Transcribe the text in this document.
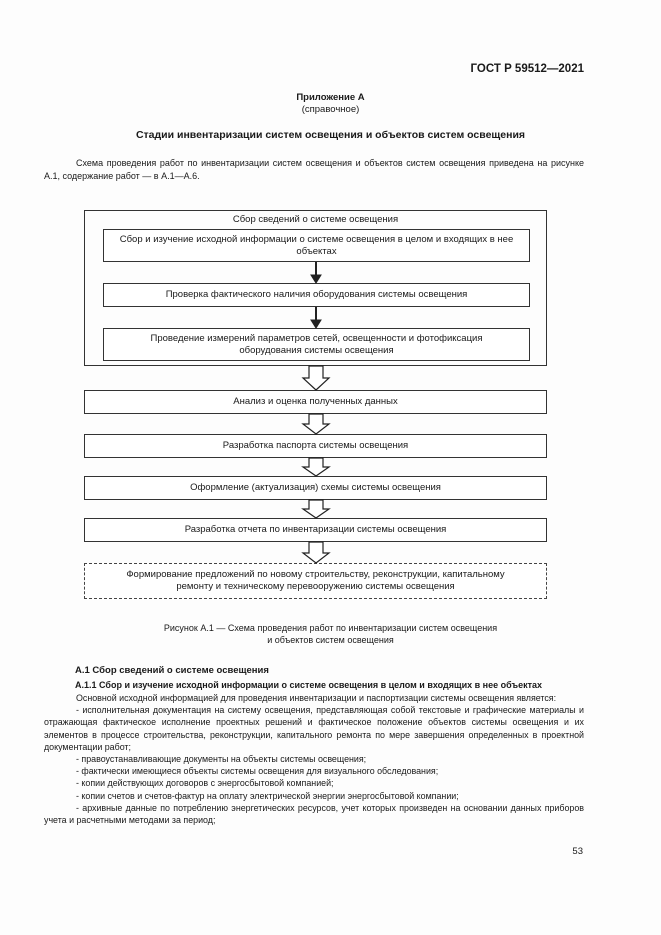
ГОСТ Р 59512—2021
Приложение А
(справочное)
Стадии инвентаризации систем освещения и объектов систем освещения
Схема проведения работ по инвентаризации систем освещения и объектов систем освещения приведена на рисунке А.1, содержание работ — в А.1—А.6.
Сбор сведений о системе освещения
Сбор и изучение исходной информации о системе освещения в целом и входящих в нее объектах
Проверка фактического наличия оборудования системы освещения
Проведение измерений параметров сетей, освещенности и фотофиксация оборудования системы освещения
Анализ и оценка полученных данных
Разработка паспорта системы освещения
Оформление (актуализация) схемы системы освещения
Разработка отчета по инвентаризации системы освещения
Формирование предложений по новому строительству, реконструкции, капитальному ремонту и техническому перевооружению системы освещения
Рисунок А.1 — Схема проведения работ по инвентаризации систем освещения
и объектов систем освещения
А.1 Сбор сведений о системе освещения
А.1.1 Сбор и изучение исходной информации о системе освещения в целом и входящих в нее объектах

Основной исходной информацией для проведения инвентаризации и паспортизации системы освещения является:

- исполнительная документация на систему освещения, представляющая собой текстовые и графические материалы и отражающая фактическое исполнение проектных решений и фактическое положение объектов системы освещения и их элементов в процессе строительства, реконструкции, капитального ремонта по мере завершения определенных в проектной документации работ;

- правоустанавливающие документы на объекты системы освещения;

- фактически имеющиеся объекты системы освещения для визуального обследования;

- копии действующих договоров с энергосбытовой компанией;

- копии счетов и счетов-фактур на оплату электрической энергии энергосбытовой компании;

- архивные данные по потреблению энергетических ресурсов, учет которых произведен на основании данных приборов учета и расчетными методами за период;

53
